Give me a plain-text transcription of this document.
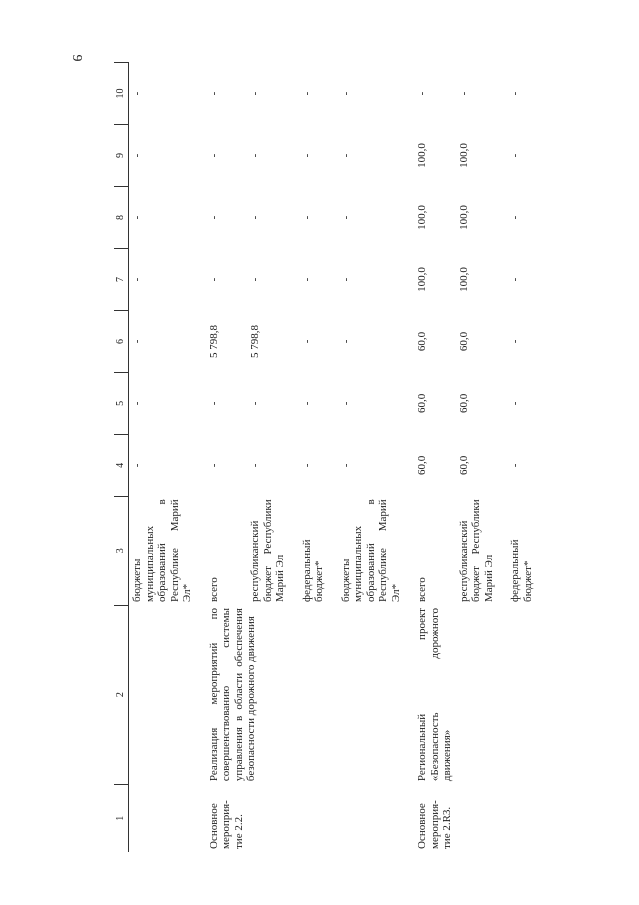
9
1	2	3	4	5	6	7	8	9	10
		бюджеты муниципальных образований в Республике Марий Эл*	-	-	-	-	-	-	-
Основное мероприя-тие 2.2.	Реализация мероприятий по совершенствованию системы управления в области обеспечения безопасности дорожного движения	всего	-	-	5 798,8	-	-	-	-
		республиканский бюджет Республики Марий Эл	-	-	5 798,8	-	-	-	-
		федеральный бюджет*	-	-	-	-	-	-	-
		бюджеты муниципальных образований в Республике Марий Эл*	-	-	-	-	-	-	-
Основное мероприя-тие 2.R3.	Региональный проект «Безопасность дорожного движения»	всего	60,0	60,0	60,0	100,0	100,0	100,0	-
		республиканский бюджет Республики Марий Эл	60,0	60,0	60,0	100,0	100,0	100,0	-
		федеральный бюджет*	-	-	-	-	-	-	-
